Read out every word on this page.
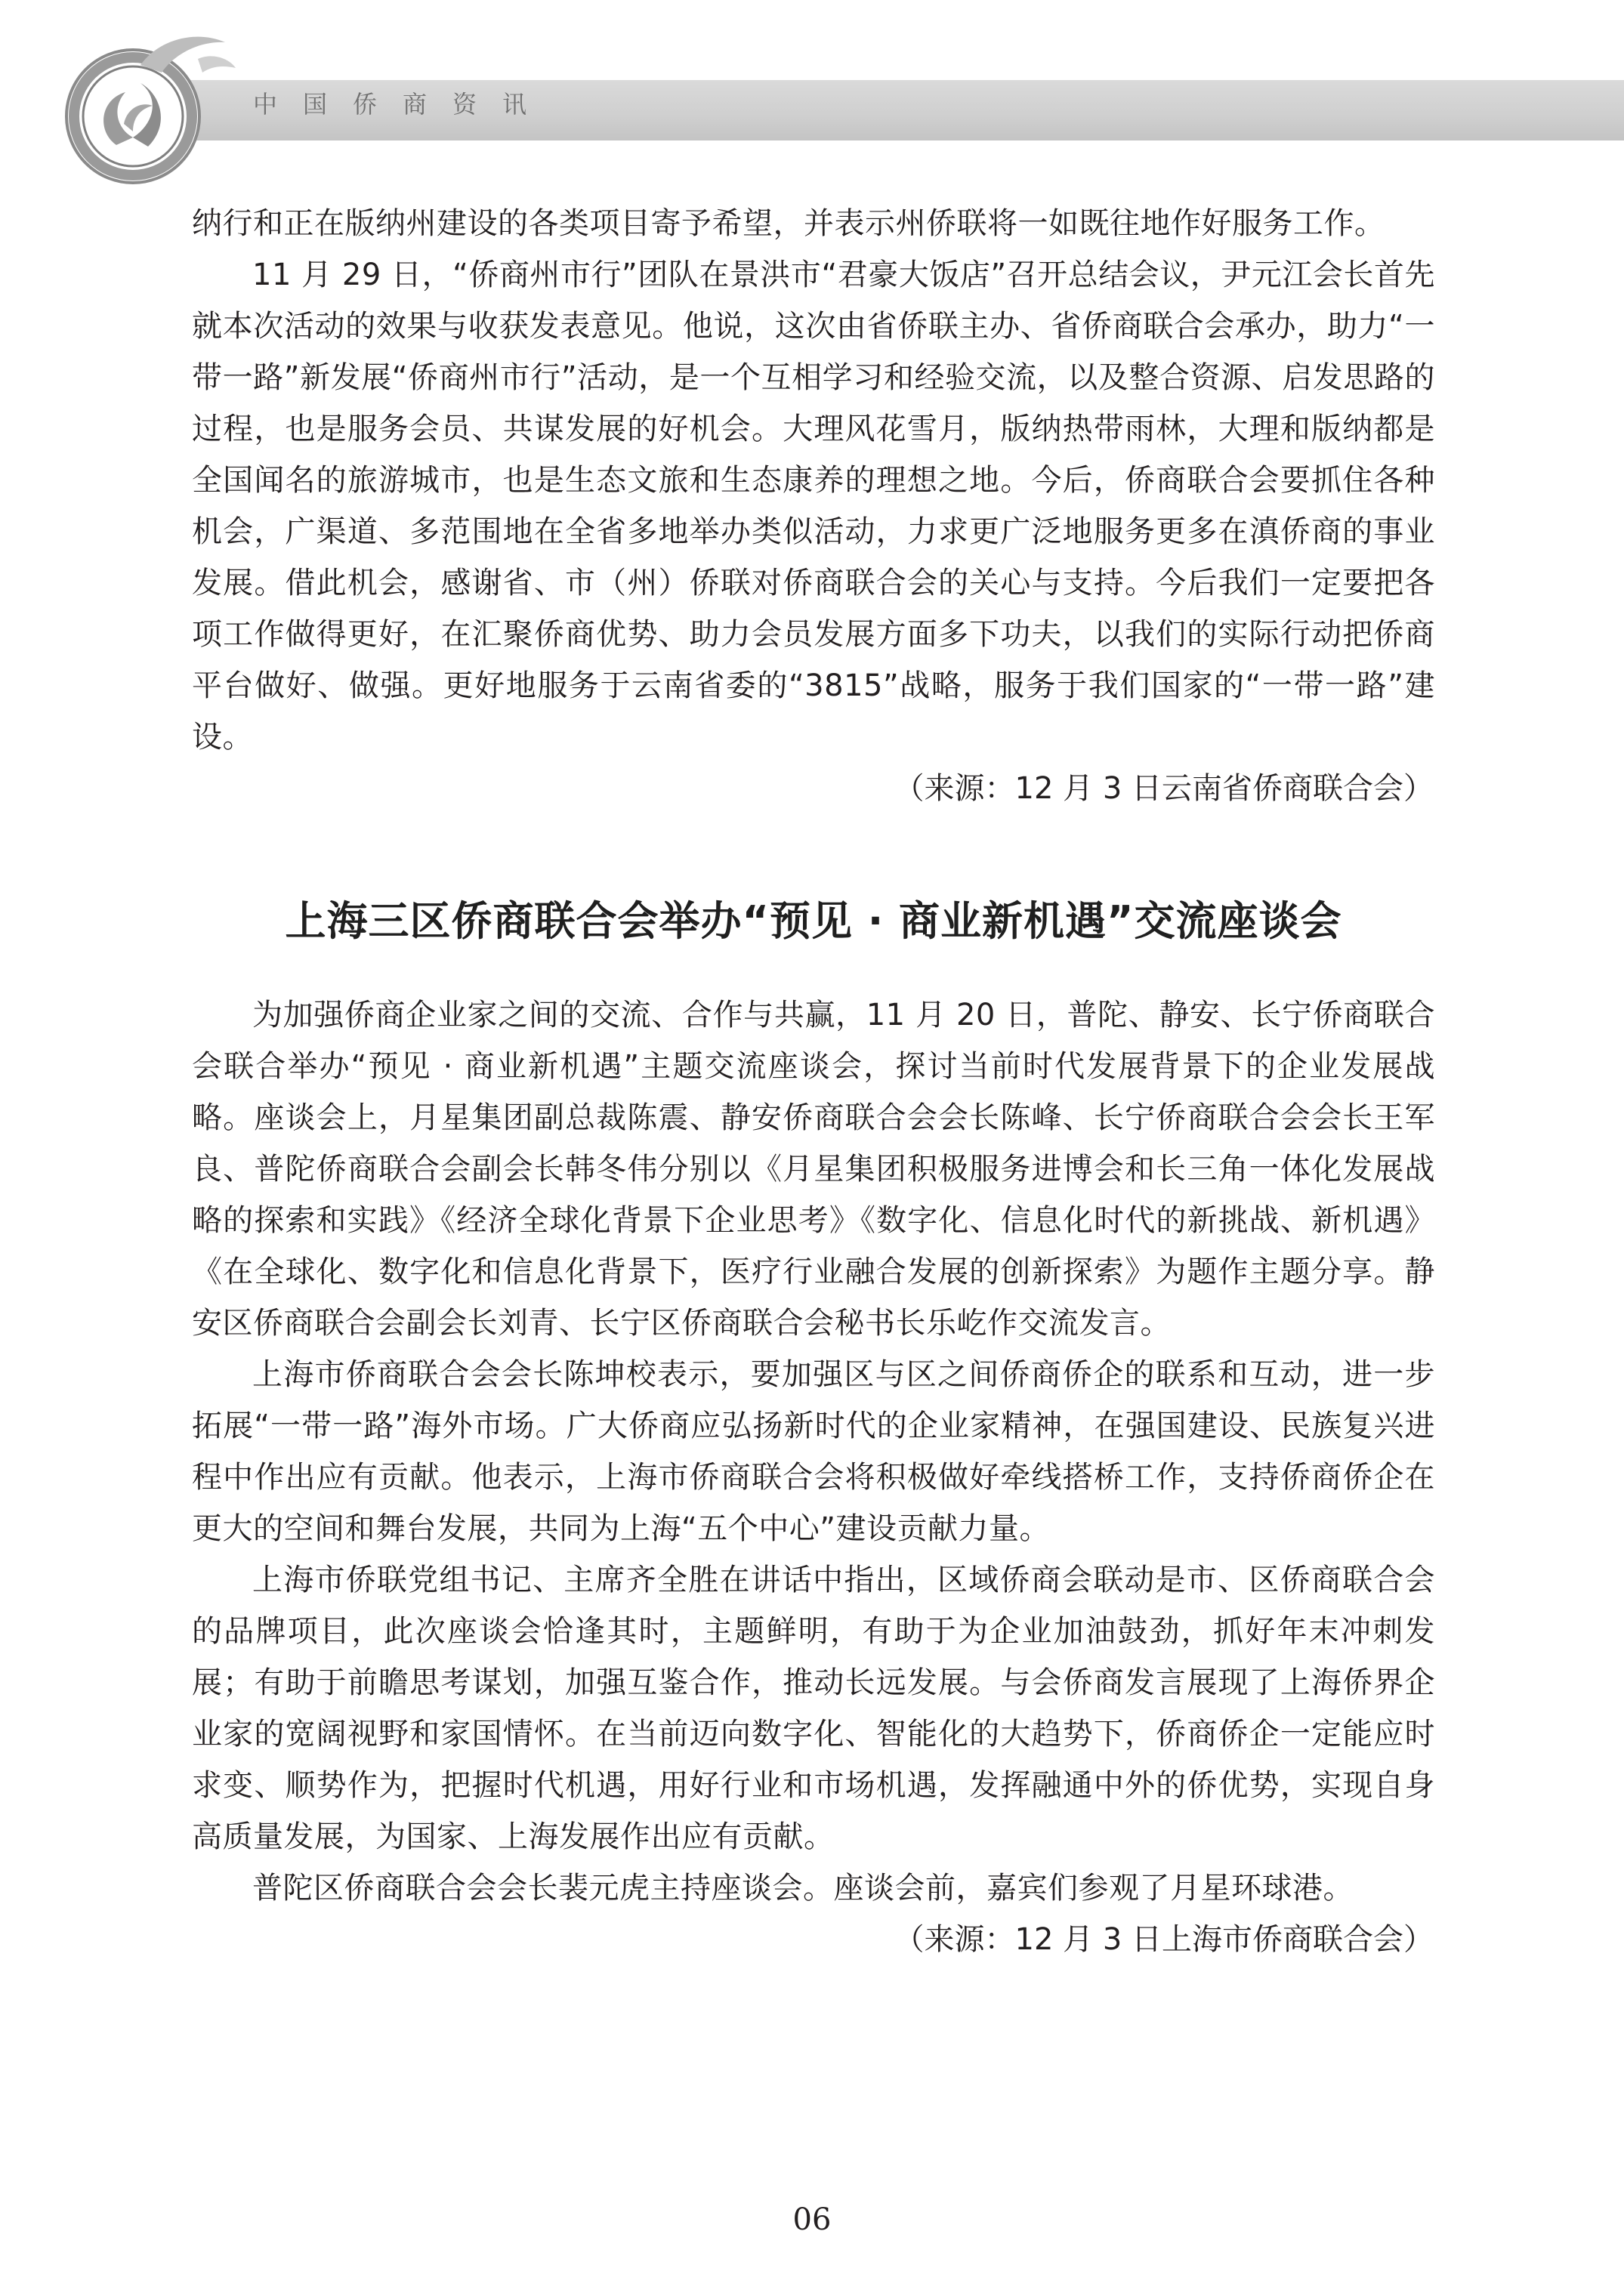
中国侨商联合会
中国侨商资讯

纳行和正在版纳州建设的各类项目寄予希望，并表示州侨联将一如既往地作好服务工作。

11 月 29 日，“侨商州市行”团队在景洪市“君豪大饭店”召开总结会议，尹元江会长首先就本次活动的效果与收获发表意见。他说，这次由省侨联主办、省侨商联合会承办，助力“一带一路”新发展“侨商州市行”活动，是一个互相学习和经验交流，以及整合资源、启发思路的过程，也是服务会员、共谋发展的好机会。大理风花雪月，版纳热带雨林，大理和版纳都是全国闻名的旅游城市，也是生态文旅和生态康养的理想之地。今后，侨商联合会要抓住各种机会，广渠道、多范围地在全省多地举办类似活动，力求更广泛地服务更多在滇侨商的事业发展。借此机会，感谢省、市（州）侨联对侨商联合会的关心与支持。今后我们一定要把各项工作做得更好，在汇聚侨商优势、助力会员发展方面多下功夫，以我们的实际行动把侨商平台做好、做强。更好地服务于云南省委的“3815”战略，服务于我们国家的“一带一路”建设。

（来源：12 月 3 日云南省侨商联合会）

上海三区侨商联合会举办“预见 · 商业新机遇”交流座谈会

为加强侨商企业家之间的交流、合作与共赢，11 月 20 日，普陀、静安、长宁侨商联合会联合举办“预见 · 商业新机遇”主题交流座谈会，探讨当前时代发展背景下的企业发展战略。座谈会上，月星集团副总裁陈震、静安侨商联合会会长陈峰、长宁侨商联合会会长王军良、普陀侨商联合会副会长韩冬伟分别以《月星集团积极服务进博会和长三角一体化发展战略的探索和实践》《经济全球化背景下企业思考》《数字化、信息化时代的新挑战、新机遇》《在全球化、数字化和信息化背景下，医疗行业融合发展的创新探索》为题作主题分享。静安区侨商联合会副会长刘青、长宁区侨商联合会秘书长乐屹作交流发言。

上海市侨商联合会会长陈坤校表示，要加强区与区之间侨商侨企的联系和互动，进一步拓展“一带一路”海外市场。广大侨商应弘扬新时代的企业家精神，在强国建设、民族复兴进程中作出应有贡献。他表示，上海市侨商联合会将积极做好牵线搭桥工作，支持侨商侨企在更大的空间和舞台发展，共同为上海“五个中心”建设贡献力量。

上海市侨联党组书记、主席齐全胜在讲话中指出，区域侨商会联动是市、区侨商联合会的品牌项目，此次座谈会恰逢其时，主题鲜明，有助于为企业加油鼓劲，抓好年末冲刺发展；有助于前瞻思考谋划，加强互鉴合作，推动长远发展。与会侨商发言展现了上海侨界企业家的宽阔视野和家国情怀。在当前迈向数字化、智能化的大趋势下，侨商侨企一定能应时求变、顺势作为，把握时代机遇，用好行业和市场机遇，发挥融通中外的侨优势，实现自身高质量发展，为国家、上海发展作出应有贡献。

普陀区侨商联合会会长裴元虎主持座谈会。座谈会前，嘉宾们参观了月星环球港。

（来源：12 月 3 日上海市侨商联合会）

06
